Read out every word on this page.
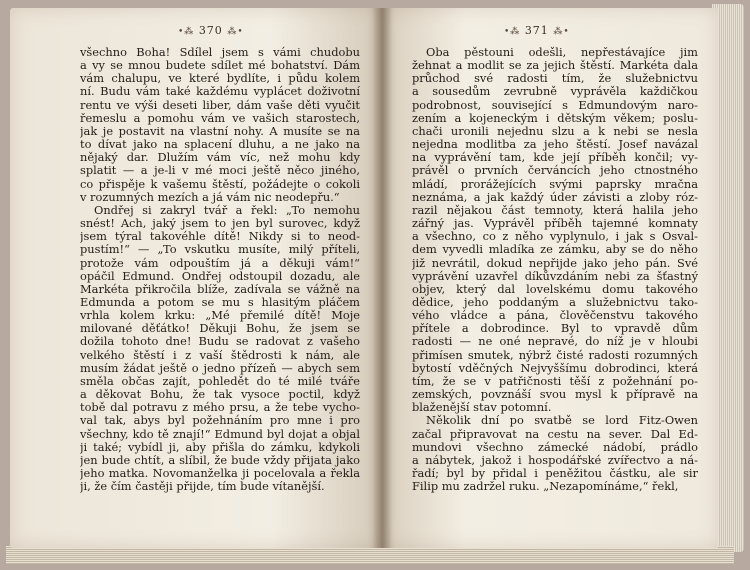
•⁂ 370 ⁂•
všechno Boha! Sdílel jsem s vámi chudobu
a vy se mnou budete sdílet mé bohatství. Dám
vám chalupu, ve které bydlíte, i půdu kolem
ní. Budu vám také každému vyplácet doživotní
rentu ve výši deseti liber, dám vaše děti vyučit
řemeslu a pomohu vám ve vašich starostech,
jak je postavit na vlastní nohy. A musíte se na
to dívat jako na splacení dluhu, a ne jako na
nějaký dar. Dlužím vám víc, než mohu kdy
splatit — a je-li v mé moci ještě něco jiného,
co přispěje k vašemu štěstí, požádejte o cokoli
v rozumných mezích a já vám nic neodepřu.“
Ondřej si zakryl tvář a řekl: „To nemohu
snést! Ach, jaký jsem to jen byl surovec, když
jsem týral takovéhle dítě! Nikdy si to neod-
pustím!“ — „To vskutku musíte, milý příteli,
protože vám odpouštím já a děkuji vám!“
opáčil Edmund. Ondřej odstoupil dozadu, ale
Markéta přikročila blíže, zadívala se vážně na
Edmunda a potom se mu s hlasitým pláčem
vrhla kolem krku: „Mé přemilé dítě! Moje
milované děťátko! Děkuji Bohu, že jsem se
dožila tohoto dne! Budu se radovat z vašeho
velkého štěstí i z vaší štědrosti k nám, ale
musím žádat ještě o jedno přízeň — abych sem
směla občas zajít, pohledět do té milé tváře
a děkovat Bohu, že tak vysoce poctil, když
tobě dal potravu z mého prsu, a že tebe vycho-
val tak, abys byl požehnáním pro mne i pro
všechny, kdo tě znají!“ Edmund byl dojat a objal
ji také; vybídl ji, aby přišla do zámku, kdykoli
jen bude chtít, a slíbil, že bude vždy přijata jako
jeho matka. Novomanželka ji pocelovala a řekla
ji, že čím častěji přijde, tím bude vítanější.
•⁂ 371 ⁂•
Oba pěstouni odešli, nepřestávajíce jim
žehnat a modlit se za jejich štěstí. Markéta dala
průchod své radosti tím, že služebnictvu
a sousedům zevrubně vyprávěla každičkou
podrobnost, související s Edmundovým naro-
zením a kojeneckým i dětským věkem; poslu-
chači uronili nejednu slzu a k nebi se nesla
nejedna modlitba za jeho štěstí. Josef navázal
na vyprávění tam, kde její příběh končil; vy-
právěl o prvních červáncích jeho ctnostného
mládí, prorážejících svými paprsky mračna
neznáma, a jak každý úder závisti a zloby róz-
razil nějakou část temnoty, která halila jeho
zářný jas. Vyprávěl příběh tajemné komnaty
a všechno, co z něho vyplynulo, i jak s Osval-
dem vyvedli mladíka ze zámku, aby se do něho
již nevrátil, dokud nepřijde jako jeho pán. Své
vyprávění uzavřel díkůvzdáním nebi za šťastný
objev, který dal lovelskému domu takového
dědice, jeho poddaným a služebnictvu tako-
vého vládce a pána, člověčenstvu takového
přítele a dobrodince. Byl to vpravdě dům
radosti — ne oné nepravé, do níž je v hloubi
přimísen smutek, nýbrž čisté radosti rozumných
bytostí vděčných Nejvyššímu dobrodinci, která
tím, že se v patřičnosti těší z požehnání po-
zemských, povznáší svou mysl k přípravě na
blaženější stav potomní.
Několik dní po svatbě se lord Fitz-Owen
začal připravovat na cestu na sever. Dal Ed-
mundovi všechno zámecké nádobí, prádlo
a nábytek, jakož i hospodářské zvířectvo a ná-
řadí; byl by přidal i peněžitou částku, ale sir
Filip mu zadržel ruku. „Nezapomínáme,“ řekl,
